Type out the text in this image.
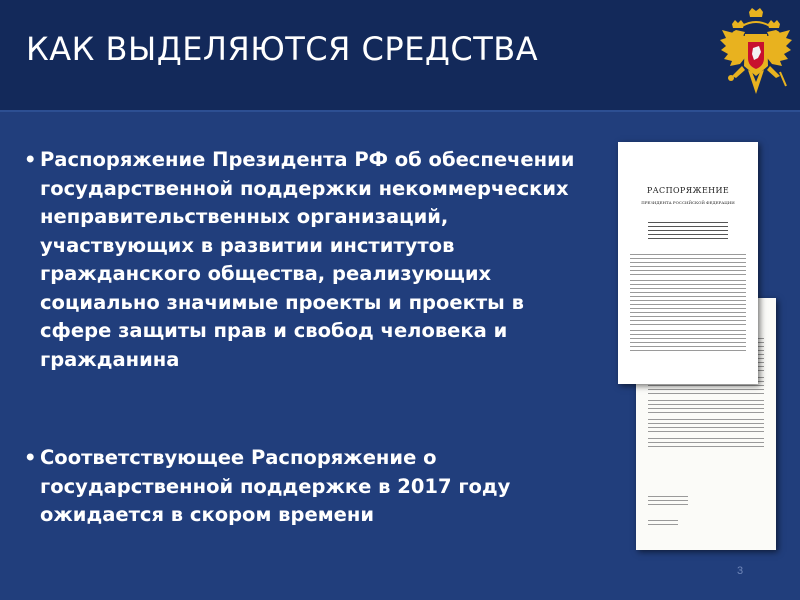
КАК ВЫДЕЛЯЮТСЯ СРЕДСТВА

• Распоряжение Президента РФ об обеспечении государственной поддержки некоммерческих неправительственных организаций, участвующих в развитии институтов гражданского общества, реализующих социально значимые проекты и проекты в сфере защиты прав и свобод человека и гражданина

• Соответствующее Распоряжение о государственной поддержке в 2017 году ожидается в скором времени

РАСПОРЯЖЕНИЕ
ПРЕЗИДЕНТА РОССИЙСКОЙ ФЕДЕРАЦИИ
3
